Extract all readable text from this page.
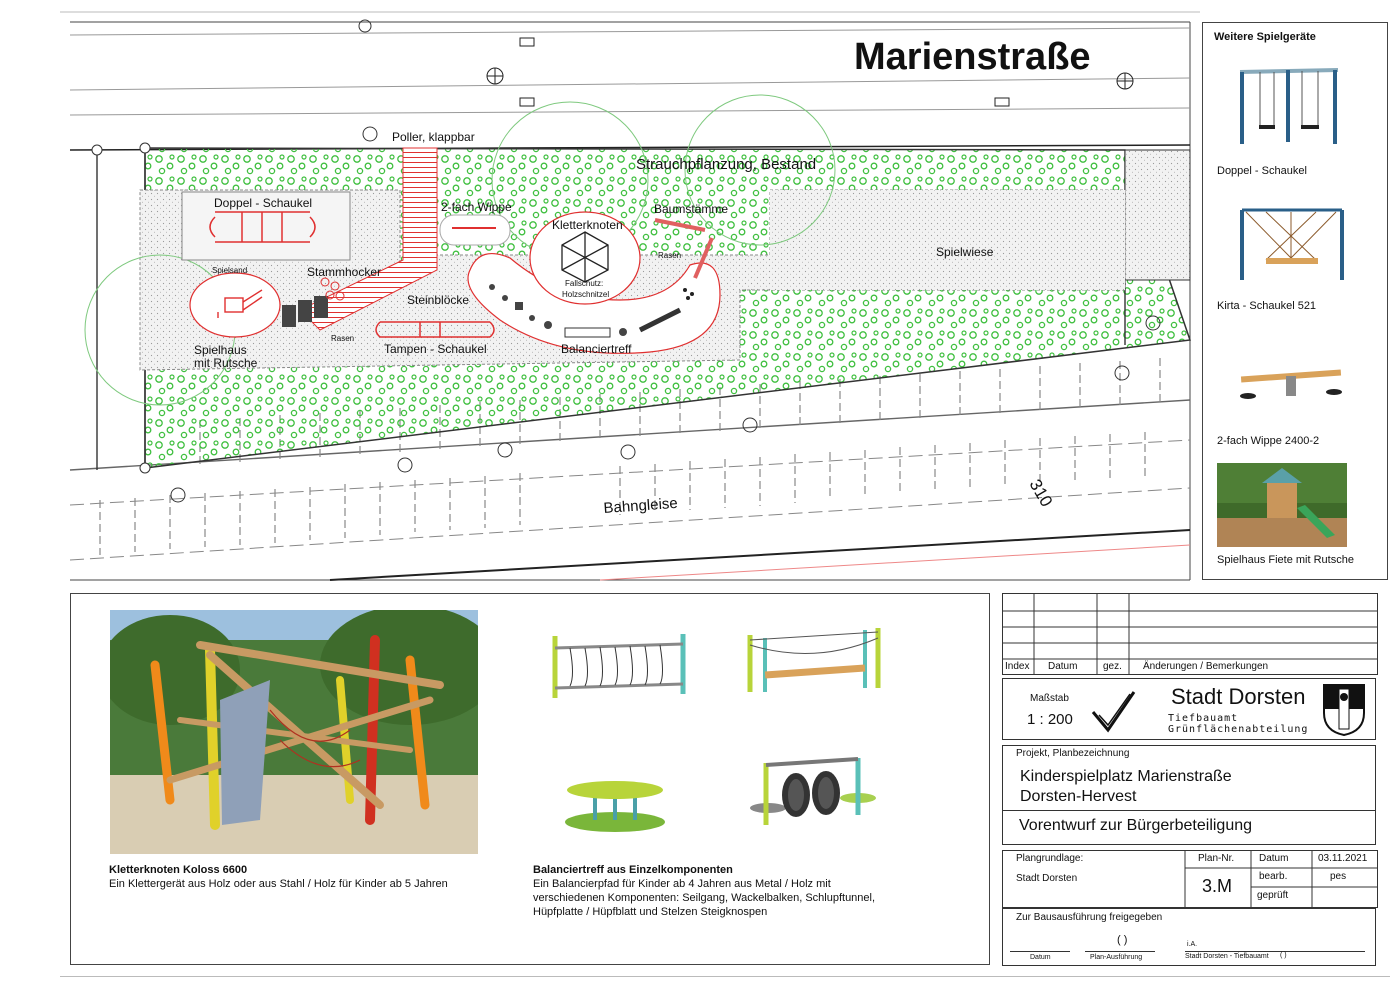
Marienstraße
Poller, klappbar
Strauchpflanzung, Bestand
Doppel - Schaukel	2-fach Wippe
Kletterknoten
Fallschutz:
Holzschnitzel
Baumstämme
Rasen
Rasen
Spielsand	Stammhocker
Steinblöcke
Spielhaus
mit Rutsche
Tampen - Schaukel	Balanciertreff
Spielwiese
Bahngleise	310
Weitere Spielgeräte
Doppel - Schaukel
Kirta - Schaukel 521
2-fach Wippe 2400-2
Spielhaus Fiete mit Rutsche
Kletterknoten Koloss 6600
Ein Klettergerät aus Holz oder aus Stahl / Holz für Kinder ab 5 Jahren
Balanciertreff aus Einzelkomponenten
Ein Balancierpfad für Kinder ab 4 Jahren aus Metal / Holz mit
verschiedenen Komponenten: Seilgang, Wackelbalken, Schlupftunnel,
Hüpfplatte / Hüpfblatt und Stelzen Steigknospen
Index Datum	gez. Änderungen / Bemerkungen
Maßstab
1 : 200
Stadt Dorsten
Tiefbauamt
Grünflächenabteilung
Projekt, Planbezeichnung
Kinderspielplatz Marienstraße
Dorsten-Hervest
Vorentwurf zur Bürgerbeteiligung
Plangrundlage:
Stadt Dorsten
Plan-Nr.
3.M
Datum	03.11.2021
bearb.	pes
geprüft
Zur Bausausführung freigegeben
( )	i.A.
Datum	Plan-Ausführung	Stadt Dorsten - Tiefbauamt ( )
